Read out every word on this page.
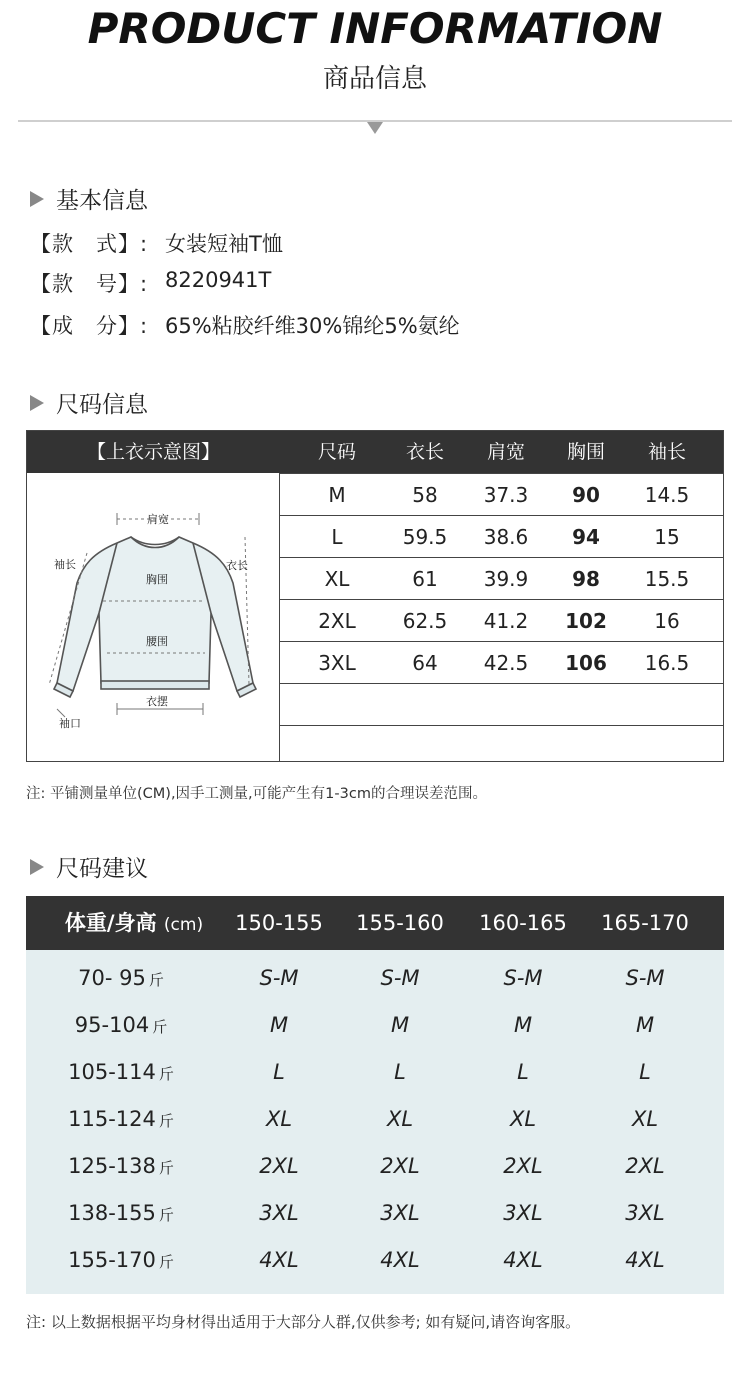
PRODUCT INFORMATION
商品信息
基本信息
【款　式】: 女装短袖T恤
【款　号】: 8220941T
【成　分】: 65%粘胶纤维30%锦纶5%氨纶
尺码信息
【上衣示意图】	尺码	衣长	肩宽	胸围	袖长
肩宽
袖长	衣长
胸围
腰围
衣摆
袖口
M	58	37.3	90	14.5
L	59.5	38.6	94	15
XL	61	39.9	98	15.5
2XL	62.5	41.2	102	16
3XL	64	42.5	106	16.5
注: 平铺测量单位(CM),因手工测量,可能产生有1-3cm的合理误差范围。
尺码建议
体重/身高 (cm)	150-155	155-160	160-165	165-170
70- 95 斤	S-M	S-M	S-M	S-M
95-104 斤	M	M	M	M
105-114 斤	L	L	L	L
115-124 斤	XL	XL	XL	XL
125-138 斤	2XL	2XL	2XL	2XL
138-155 斤	3XL	3XL	3XL	3XL
155-170 斤	4XL	4XL	4XL	4XL
注: 以上数据根据平均身材得出适用于大部分人群,仅供参考; 如有疑问,请咨询客服。
